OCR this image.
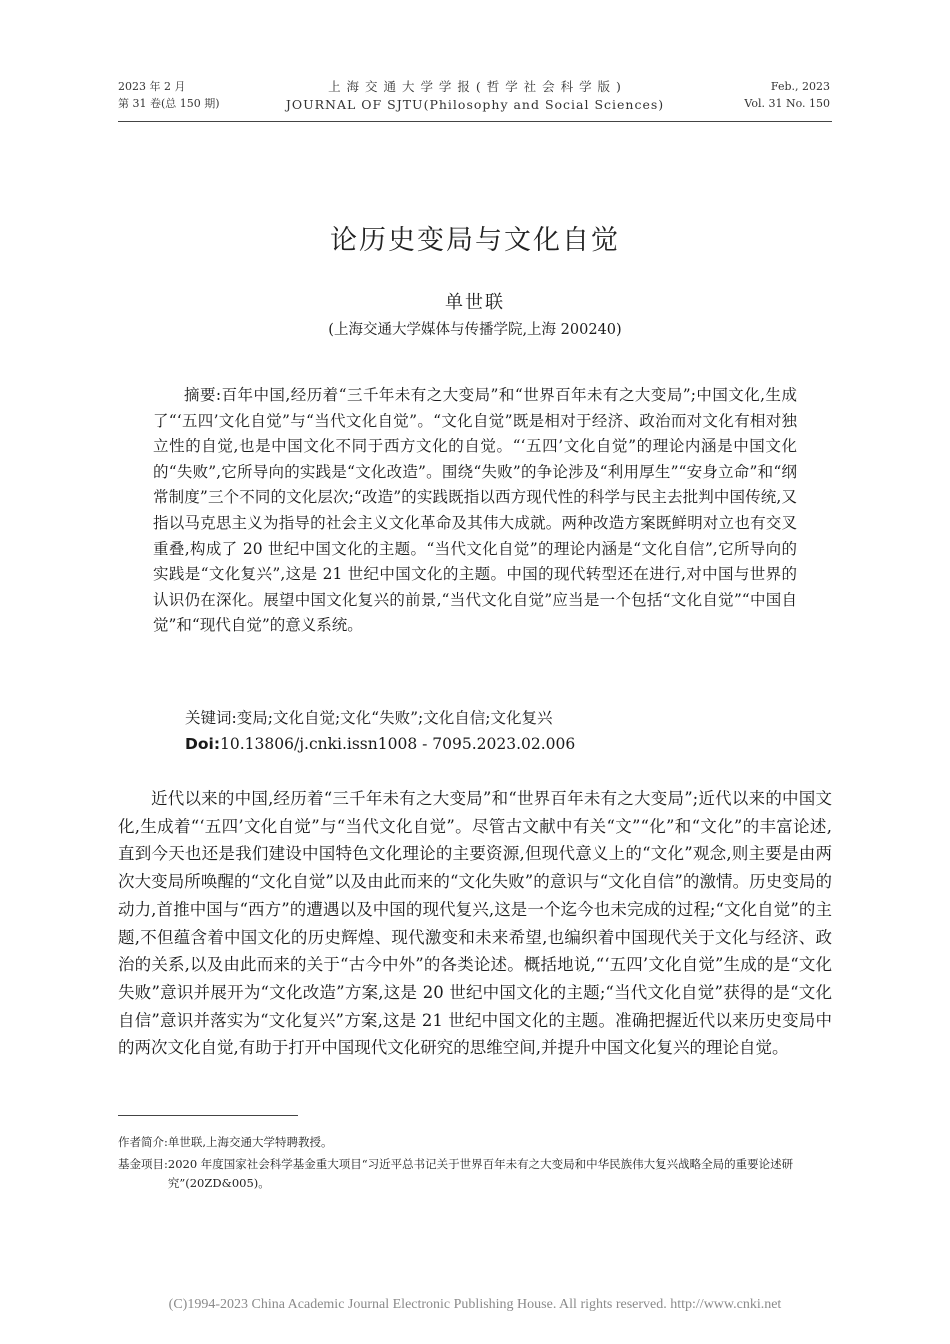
2023 年 2 月
第 31 卷(总 150 期)
上 海 交 通 大 学 学 报 ( 哲 学 社 会 科 学 版 )
JOURNAL OF SJTU(Philosophy and Social Sciences)
Feb., 2023
Vol. 31 No. 150
论历史变局与文化自觉
单世联
(上海交通大学媒体与传播学院,上海 200240)

摘要:百年中国,经历着“三千年未有之大变局”和“世界百年未有之大变局”;中国文化,生成了“‘五四’文化自觉”与“当代文化自觉”。“文化自觉”既是相对于经济、政治而对文化有相对独立性的自觉,也是中国文化不同于西方文化的自觉。“‘五四’文化自觉”的理论内涵是中国文化的“失败”,它所导向的实践是“文化改造”。围绕“失败”的争论涉及“利用厚生”“安身立命”和“纲常制度”三个不同的文化层次;“改造”的实践既指以西方现代性的科学与民主去批判中国传统,又指以马克思主义为指导的社会主义文化革命及其伟大成就。两种改造方案既鲜明对立也有交叉重叠,构成了 20 世纪中国文化的主题。“当代文化自觉”的理论内涵是“文化自信”,它所导向的实践是“文化复兴”,这是 21 世纪中国文化的主题。中国的现代转型还在进行,对中国与世界的认识仍在深化。展望中国文化复兴的前景,“当代文化自觉”应当是一个包括“文化自觉”“中国自觉”和“现代自觉”的意义系统。

关键词:变局;文化自觉;文化“失败”;文化自信;文化复兴
Doi:10.13806/j.cnki.issn1008 - 7095.2023.02.006

近代以来的中国,经历着“三千年未有之大变局”和“世界百年未有之大变局”;近代以来的中国文化,生成着“‘五四’文化自觉”与“当代文化自觉”。尽管古文献中有关“文”“化”和“文化”的丰富论述,直到今天也还是我们建设中国特色文化理论的主要资源,但现代意义上的“文化”观念,则主要是由两次大变局所唤醒的“文化自觉”以及由此而来的“文化失败”的意识与“文化自信”的激情。历史变局的动力,首推中国与“西方”的遭遇以及中国的现代复兴,这是一个迄今也未完成的过程;“文化自觉”的主题,不但蕴含着中国文化的历史辉煌、现代激变和未来希望,也编织着中国现代关于文化与经济、政治的关系,以及由此而来的关于“古今中外”的各类论述。概括地说,“‘五四’文化自觉”生成的是“文化失败”意识并展开为“文化改造”方案,这是 20 世纪中国文化的主题;“当代文化自觉”获得的是“文化自信”意识并落实为“文化复兴”方案,这是 21 世纪中国文化的主题。准确把握近代以来历史变局中的两次文化自觉,有助于打开中国现代文化研究的思维空间,并提升中国文化复兴的理论自觉。

作者简介:单世联,上海交通大学特聘教授。
基金项目: 2020 年度国家社会科学基金重大项目“习近平总书记关于世界百年未有之大变局和中华民族伟大复兴战略全局的重要论述研究”(20ZD&005)。
(C)1994-2023 China Academic Journal Electronic Publishing House. All rights reserved. http://www.cnki.net
